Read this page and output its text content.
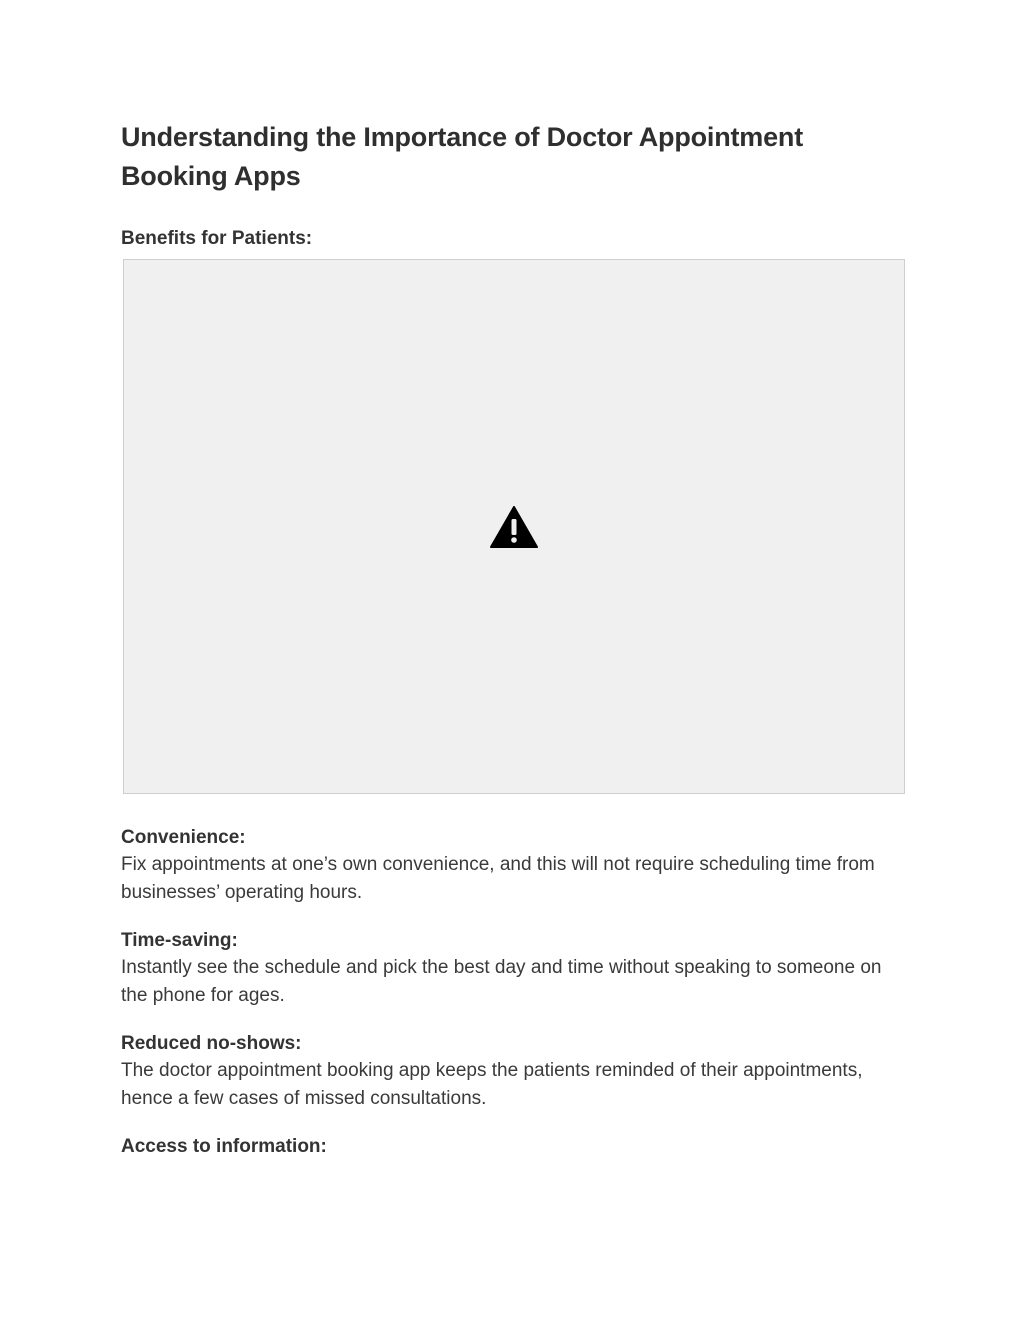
Understanding the Importance of Doctor Appointment Booking Apps
Benefits for Patients:

Convenience:

Fix appointments at one’s own convenience, and this will not require scheduling time from businesses’ operating hours.

Time-saving:

Instantly see the schedule and pick the best day and time without speaking to someone on the phone for ages.

Reduced no-shows:

The doctor appointment booking app keeps the patients reminded of their appointments, hence a few cases of missed consultations.

Access to information:
